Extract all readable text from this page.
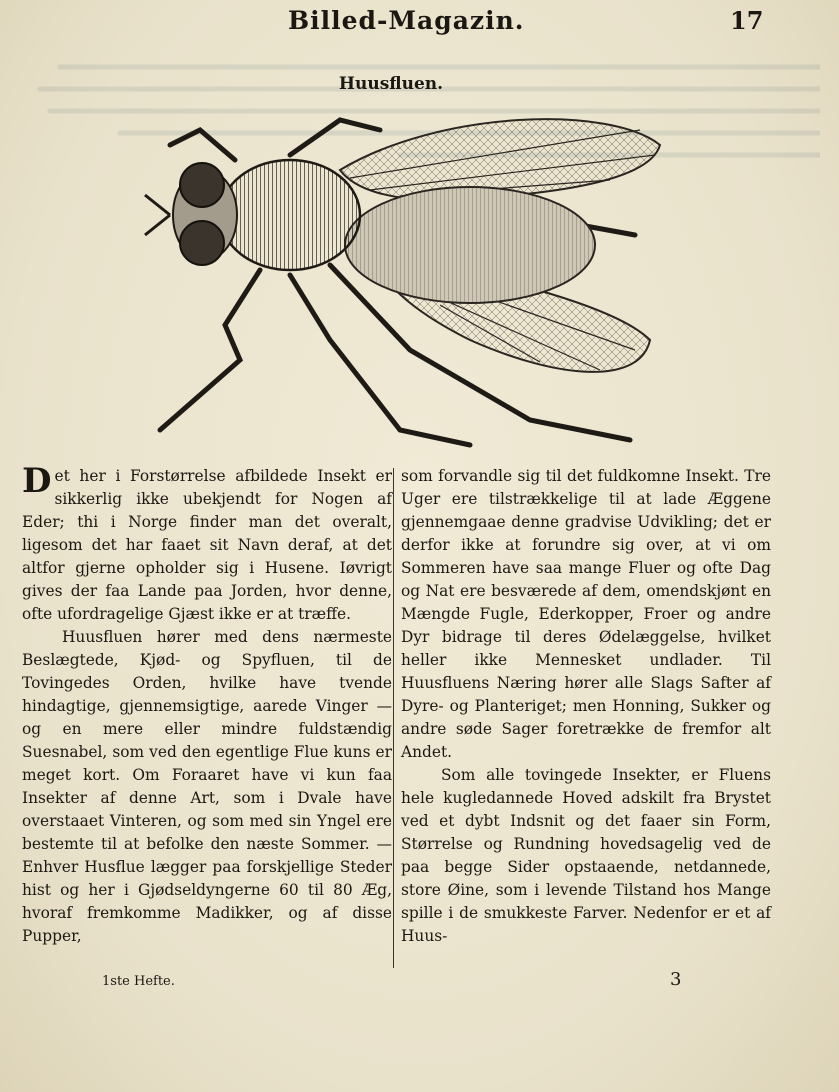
Billed-Magazin.	17
Huusfluen.

Det her i Forstørrelse afbildede Insekt er sikkerlig ikke ubekjendt for Nogen af Eder; thi i Norge finder man det overalt, ligesom det har faaet sit Navn deraf, at det altfor gjerne opholder sig i Husene. Iøvrigt gives der faa Lande paa Jorden, hvor denne, ofte ufordragelige Gjæst ikke er at træffe.

Huusfluen hører med dens nærmeste Beslægtede, Kjød- og Spyfluen, til de Tovingedes Orden, hvilke have tvende hindagtige, gjennemsigtige, aarede Vinger — og en mere eller mindre fuldstændig Suesnabel, som ved den egentlige Flue kuns er meget kort. Om Foraaret have vi kun faa Insekter af denne Art, som i Dvale have overstaaet Vinteren, og som med sin Yngel ere bestemte til at befolke den næste Sommer. — Enhver Husflue lægger paa forskjellige Steder hist og her i Gjødseldyngerne 60 til 80 Æg, hvoraf fremkomme Madikker, og af disse Pupper,

som forvandle sig til det fuldkomne Insekt. Tre Uger ere tilstrækkelige til at lade Æggene gjennemgaae denne gradvise Udvikling; det er derfor ikke at forundre sig over, at vi om Sommeren have saa mange Fluer og ofte Dag og Nat ere besværede af dem, omendskjønt en Mængde Fugle, Ederkopper, Froer og andre Dyr bidrage til deres Ødelæggelse, hvilket heller ikke Mennesket undlader. Til Huusfluens Næring hører alle Slags Safter af Dyre- og Planteriget; men Honning, Sukker og andre søde Sager foretrække de fremfor alt Andet.

Som alle tovingede Insekter, er Fluens hele kugledannede Hoved adskilt fra Brystet ved et dybt Indsnit og det faaer sin Form, Størrelse og Rundning hovedsagelig ved de paa begge Sider opstaaende, netdannede, store Øine, som i levende Tilstand hos Mange spille i de smukkeste Farver. Nedenfor er et af Huus-

1ste Hefte.	3
